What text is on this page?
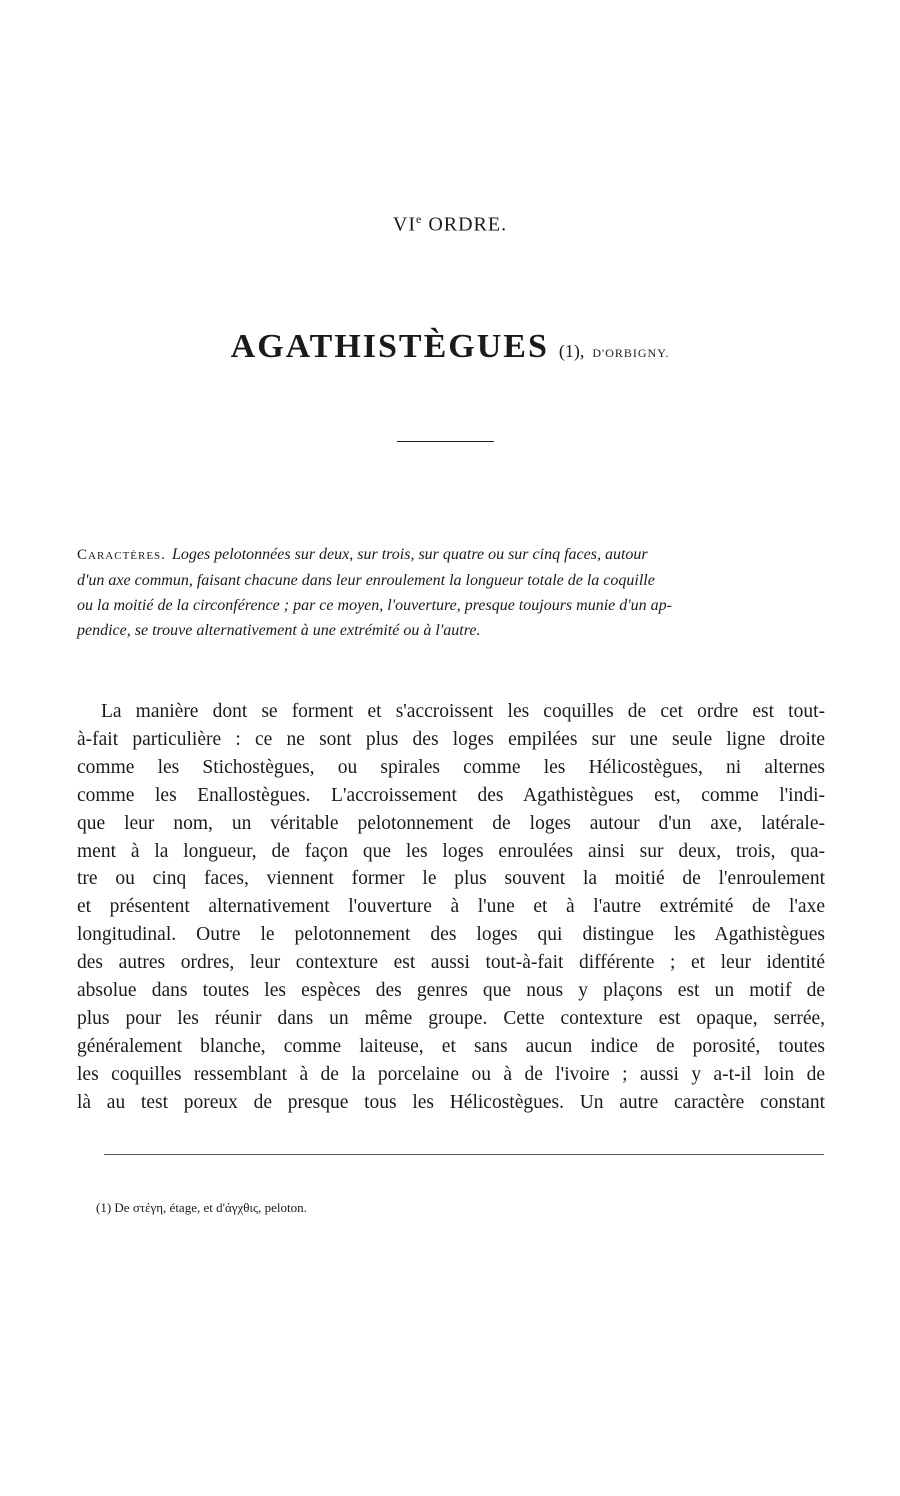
VIe ORDRE.
AGATHISTÈGUES (1), D'ORBIGNY.
Caractères. Loges pelotonnées sur deux, sur trois, sur quatre ou sur cinq faces, autour
d'un axe commun, faisant chacune dans leur enroulement la longueur totale de la coquille
ou la moitié de la circonférence ; par ce moyen, l'ouverture, presque toujours munie d'un ap-
pendice, se trouve alternativement à une extrémité ou à l'autre.
La manière dont se forment et s'accroissent les coquilles de cet ordre est tout-
à-fait particulière : ce ne sont plus des loges empilées sur une seule ligne droite
comme les Stichostègues, ou spirales comme les Hélicostègues, ni alternes
comme les Enallostègues. L'accroissement des Agathistègues est, comme l'indi-
que leur nom, un véritable pelotonnement de loges autour d'un axe, latérale-
ment à la longueur, de façon que les loges enroulées ainsi sur deux, trois, qua-
tre ou cinq faces, viennent former le plus souvent la moitié de l'enroulement
et présentent alternativement l'ouverture à l'une et à l'autre extrémité de l'axe
longitudinal. Outre le pelotonnement des loges qui distingue les Agathistègues
des autres ordres, leur contexture est aussi tout-à-fait différente ; et leur identité
absolue dans toutes les espèces des genres que nous y plaçons est un motif de
plus pour les réunir dans un même groupe. Cette contexture est opaque, serrée,
généralement blanche, comme laiteuse, et sans aucun indice de porosité, toutes
les coquilles ressemblant à de la porcelaine ou à de l'ivoire ; aussi y a-t-il loin de
là au test poreux de presque tous les Hélicostègues. Un autre caractère constant
(1) De στέγη, étage, et d'άγχθις, peloton.
